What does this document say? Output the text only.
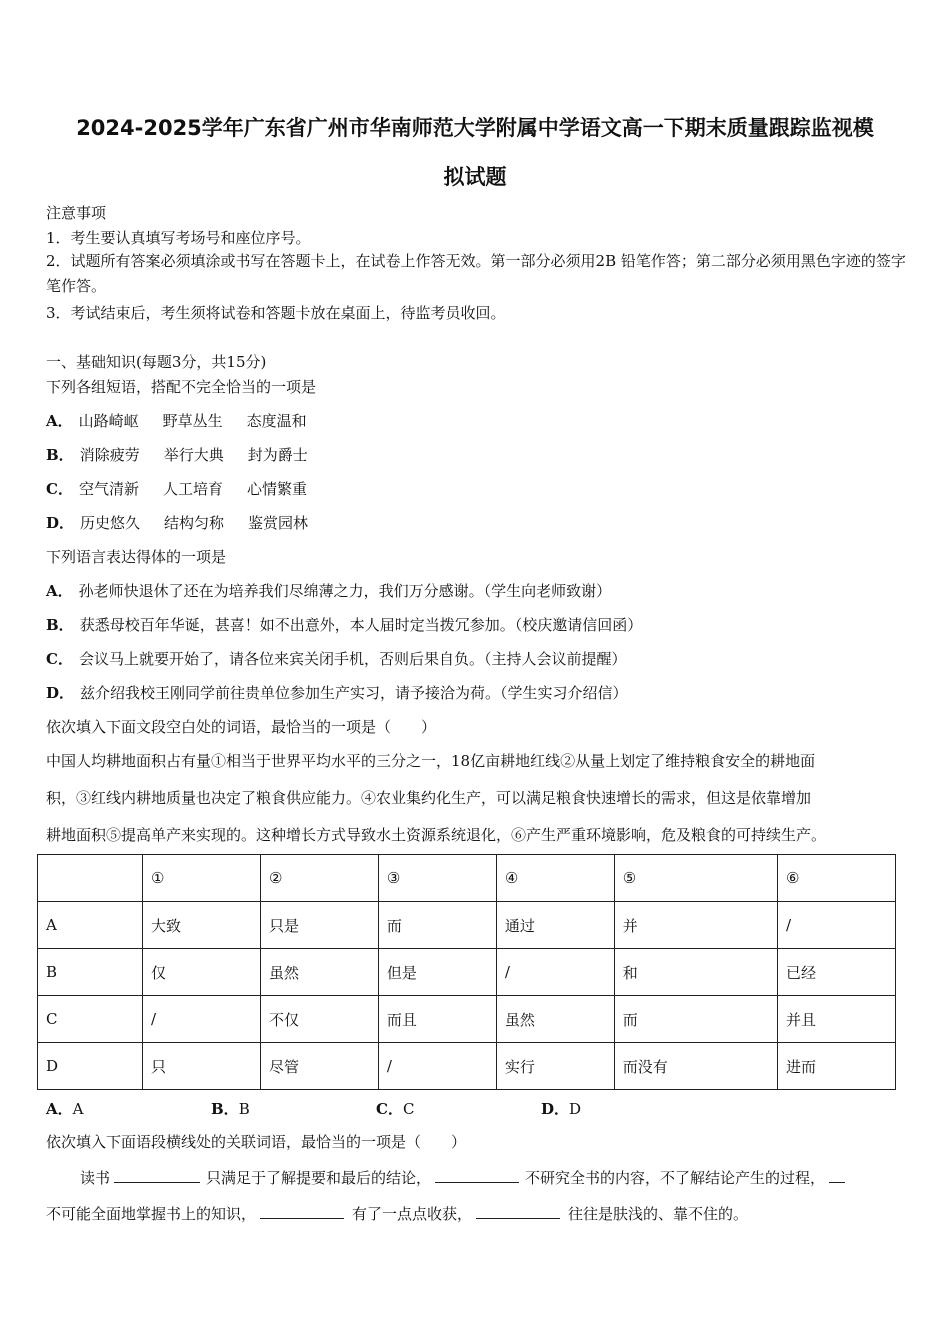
2024-2025学年广东省广州市华南师范大学附属中学语文高一下期末质量跟踪监视模
拟试题
注意事项
1．考生要认真填写考场号和座位序号。
2．试题所有答案必须填涂或书写在答题卡上，在试卷上作答无效。第一部分必须用2B 铅笔作答；第二部分必须用黑色字迹的签字笔作答。
3．考试结束后，考生须将试卷和答题卡放在桌面上，待监考员收回。
一、基础知识(每题3分，共15分)
下列各组短语，搭配不完全恰当的一项是
A． 山路崎岖 野草丛生 态度温和
B． 消除疲劳 举行大典 封为爵士
C． 空气清新 人工培育 心情繁重
D． 历史悠久 结构匀称 鉴赏园林
下列语言表达得体的一项是
A． 孙老师快退休了还在为培养我们尽绵薄之力，我们万分感谢。（学生向老师致谢）
B． 获悉母校百年华诞，甚喜！如不出意外，本人届时定当拨冗参加。（校庆邀请信回函）
C． 会议马上就要开始了，请各位来宾关闭手机，否则后果自负。（主持人会议前提醒）
D． 兹介绍我校王刚同学前往贵单位参加生产实习，请予接洽为荷。（学生实习介绍信）
依次填入下面文段空白处的词语，最恰当的一项是（　　）
中国人均耕地面积占有量①相当于世界平均水平的三分之一，18亿亩耕地红线②从量上划定了维持粮食安全的耕地面
积，③红线内耕地质量也决定了粮食供应能力。④农业集约化生产，可以满足粮食快速增长的需求，但这是依靠增加
耕地面积⑤提高单产来实现的。这种增长方式导致水土资源系统退化，⑥产生严重环境影响，危及粮食的可持续生产。
	①	②	③	④	⑤	⑥
A	大致	只是	而	通过	并	/
B	仅	虽然	但是	/	和	已经
C	/	不仅	而且	虽然	而	并且
D	只	尽管	/	实行	而没有	进而
A．A	B．B	C．C	D．D
依次填入下面语段横线处的关联词语，最恰当的一项是（　　）
读书	只满足于了解提要和最后的结论，	不研究全书的内容，不了解结论产生的过程，
不可能全面地掌握书上的知识，	有了一点点收获，	往往是肤浅的、靠不住的。
